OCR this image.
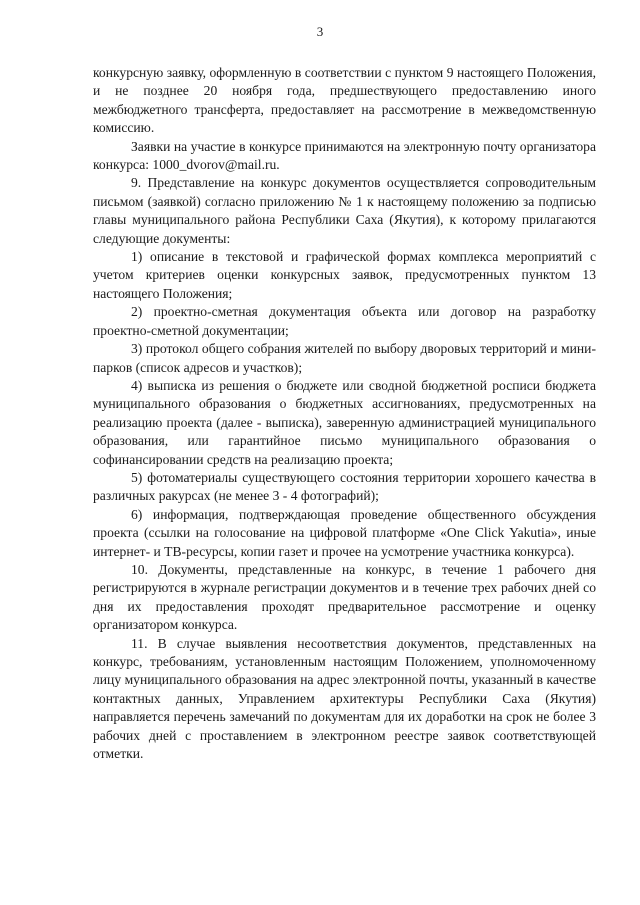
3

конкурсную заявку, оформленную в соответствии с пунктом 9 настоящего Положения, и не позднее 20 ноября года, предшествующего предоставлению иного межбюджетного трансферта, предоставляет на рассмотрение в межведомственную комиссию.

Заявки на участие в конкурсе принимаются на электронную почту организатора конкурса: 1000_dvorov@mail.ru.

9. Представление на конкурс документов осуществляется сопроводительным письмом (заявкой) согласно приложению № 1 к настоящему положению за подписью главы муниципального района Республики Саха (Якутия), к которому прилагаются следующие документы:

1) описание в текстовой и графической формах комплекса мероприятий с учетом критериев оценки конкурсных заявок, предусмотренных пунктом 13 настоящего Положения;

2) проектно-сметная документация объекта или договор на разработку проектно-сметной документации;

3) протокол общего собрания жителей по выбору дворовых территорий и мини-парков (список адресов и участков);

4) выписка из решения о бюджете или сводной бюджетной росписи бюджета муниципального образования о бюджетных ассигнованиях, предусмотренных на реализацию проекта (далее - выписка), заверенную администрацией муниципального образования, или гарантийное письмо муниципального образования о софинансировании средств на реализацию проекта;

5) фотоматериалы существующего состояния территории хорошего качества в различных ракурсах (не менее 3 - 4 фотографий);

6) информация, подтверждающая проведение общественного обсуждения проекта (ссылки на голосование на цифровой платформе «One Click Yakutia», иные интернет- и ТВ-ресурсы, копии газет и прочее на усмотрение участника конкурса).

10. Документы, представленные на конкурс, в течение 1 рабочего дня регистрируются в журнале регистрации документов и в течение трех рабочих дней со дня их предоставления проходят предварительное рассмотрение и оценку организатором конкурса.

11. В случае выявления несоответствия документов, представленных на конкурс, требованиям, установленным настоящим Положением, уполномоченному лицу муниципального образования на адрес электронной почты, указанный в качестве контактных данных, Управлением архитектуры Республики Саха (Якутия) направляется перечень замечаний по документам для их доработки на срок не более 3 рабочих дней с проставлением в электронном реестре заявок соответствующей отметки.
